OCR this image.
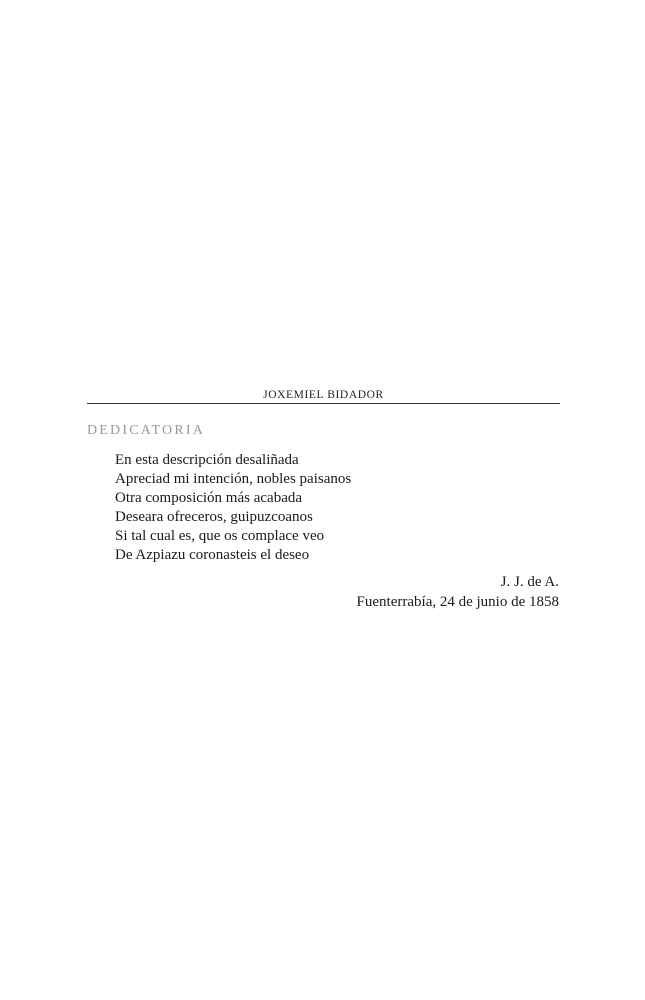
JOXEMIEL BIDADOR
DEDICATORIA
En esta descripción desaliñada
Apreciad mi intención, nobles paisanos
Otra composición más acabada
Deseara ofreceros, guipuzcoanos
Si tal cual es, que os complace veo
De Azpiazu coronasteis el deseo
J. J. de A.
Fuenterrabía, 24 de junio de 1858
